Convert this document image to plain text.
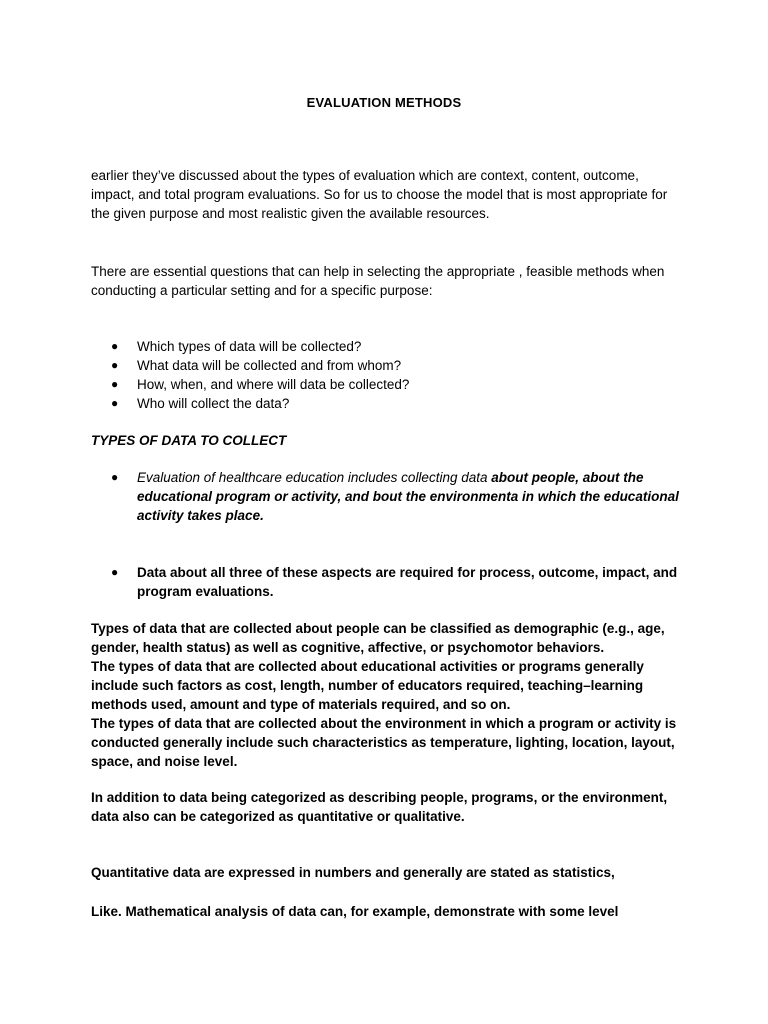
EVALUATION METHODS

earlier they’ve discussed about the types of evaluation which are context, content, outcome, impact, and total program evaluations. So for us to choose the model that is most appropriate for the given purpose and most realistic given the available resources.

There are essential questions that can help in selecting the appropriate , feasible methods when conducting a particular setting and for a specific purpose:

● Which types of data will be collected?
● What data will be collected and from whom?
● How, when, and where will data be collected?
● Who will collect the data?
TYPES OF DATA TO COLLECT
● Evaluation of healthcare education includes collecting data about people, about the educational program or activity, and bout the environmenta in which the educational activity takes place.
● Data about all three of these aspects are required for process, outcome, impact, and program evaluations.
Types of data that are collected about people can be classified as demographic (e.g., age, gender, health status) as well as cognitive, affective, or psychomotor behaviors.
The types of data that are collected about educational activities or programs generally include such factors as cost, length, number of educators required, teaching–learning methods used, amount and type of materials required, and so on.
The types of data that are collected about the environment in which a program or activity is conducted generally include such characteristics as temperature, lighting, location, layout, space, and noise level.

In addition to data being categorized as describing people, programs, or the environment, data also can be categorized as quantitative or qualitative.

Quantitative data are expressed in numbers and generally are stated as statistics,

Like. Mathematical analysis of data can, for example, demonstrate with some level
